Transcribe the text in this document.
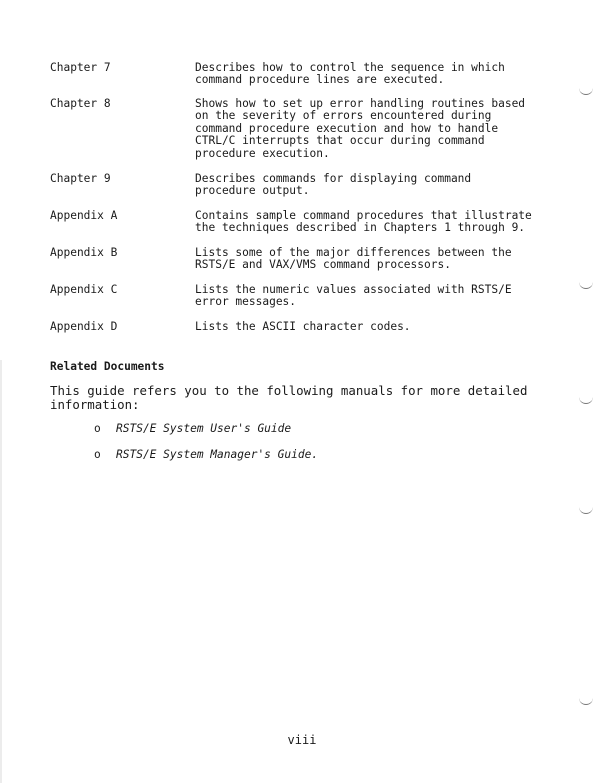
Chapter 7	Describes how to control the sequence in which
command procedure lines are executed.
Chapter 8	Shows how to set up error handling routines based
on the severity of errors encountered during
command procedure execution and how to handle
CTRL/C interrupts that occur during command
procedure execution.
Chapter 9	Describes commands for displaying command
procedure output.
Appendix A	Contains sample command procedures that illustrate
the techniques described in Chapters 1 through 9.
Appendix B	Lists some of the major differences between the
RSTS/E and VAX/VMS command processors.
Appendix C	Lists the numeric values associated with RSTS/E
error messages.
Appendix D	Lists the ASCII character codes.
Related Documents
This guide refers you to the following manuals for more detailed
information:
o RSTS/E System User's Guide
o RSTS/E System Manager's Guide.
viii
